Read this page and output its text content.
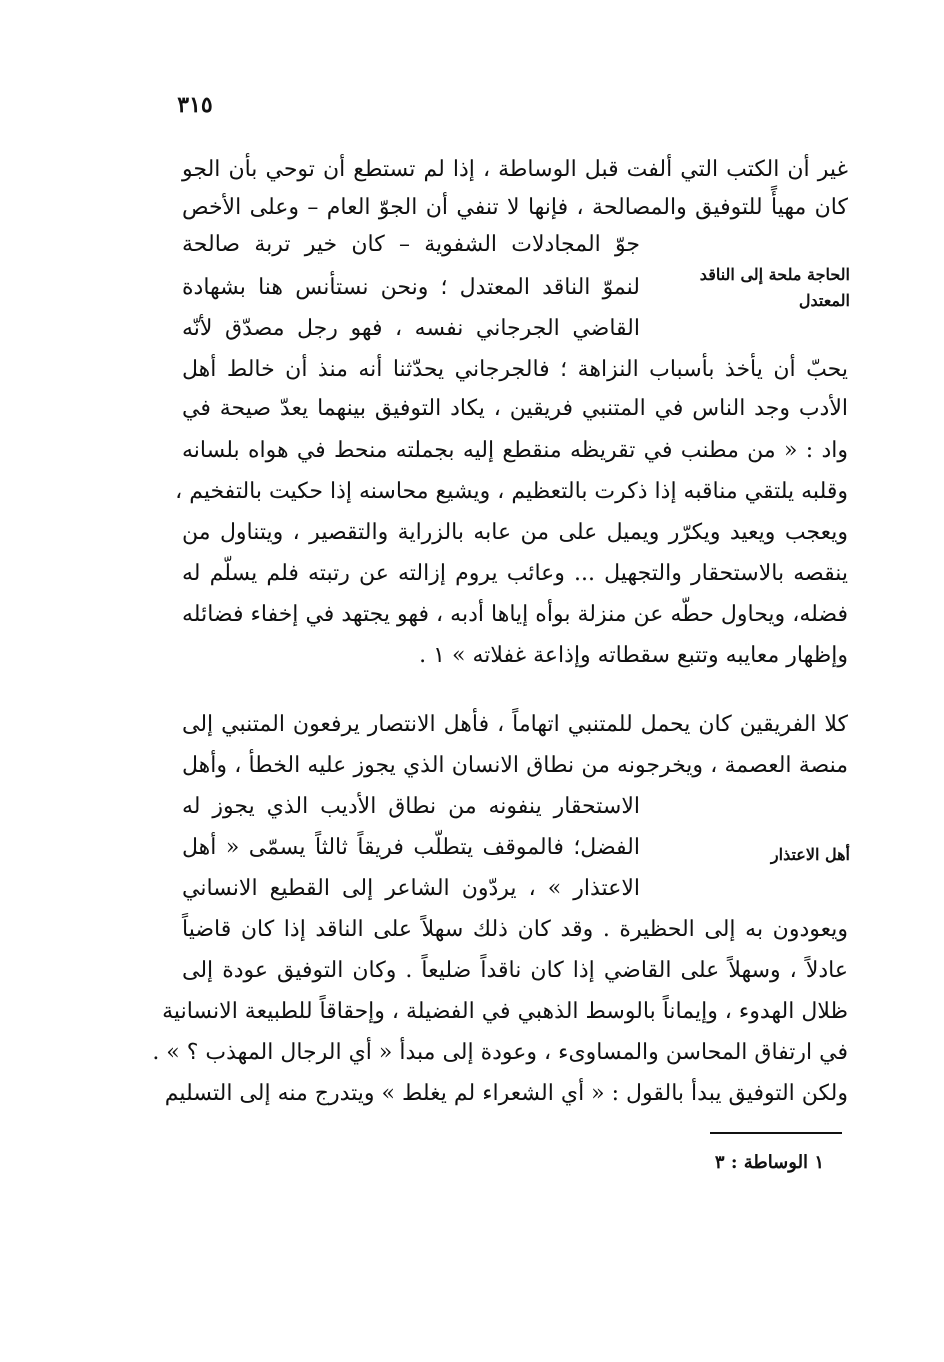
٣١٥
الحاجة ملحة إلى الناقد
المعتدل
أهل الاعتذار
غير أن الكتب التي ألفت قبل الوساطة ، إذا لم تستطع أن توحي بأن الجو
كان مهيأً للتوفيق والمصالحة ، فإنها لا تنفي أن الجوّ العام – وعلى الأخص
جوّ المجادلات الشفوية – كان خير تربة صالحة
لنموّ الناقد المعتدل ؛ ونحن نستأنس هنا بشهادة
القاضي الجرجاني نفسه ، فهو رجل مصدّق لأنّه
يحبّ أن يأخذ بأسباب النزاهة ؛ فالجرجاني يحدّثنا أنه منذ أن خالط أهل
الأدب وجد الناس في المتنبي فريقين ، يكاد التوفيق بينهما يعدّ صيحة في
واد : « من مطنب في تقريظه منقطع إليه بجملته منحط في هواه بلسانه
وقلبه يلتقي مناقبه إذا ذكرت بالتعظيم ، ويشيع محاسنه إذا حكيت بالتفخيم ،
ويعجب ويعيد ويكرّر ويميل على من عابه بالزراية والتقصير ، ويتناول من
ينقصه بالاستحقار والتجهيل ... وعائب يروم إزالته عن رتبته فلم يسلّم له
فضله، ويحاول حطّه عن منزلة بوأه إياها أدبه ، فهو يجتهد في إخفاء فضائله
وإظهار معايبه وتتبع سقطاته وإذاعة غفلاته » ١ .
كلا الفريقين كان يحمل للمتنبي اتهاماً ، فأهل الانتصار يرفعون المتنبي إلى
منصة العصمة ، ويخرجونه من نطاق الانسان الذي يجوز عليه الخطأ ، وأهل
الاستحقار ينفونه من نطاق الأديب الذي يجوز له
الفضل؛ فالموقف يتطلّب فريقاً ثالثاً يسمّى « أهل
الاعتذار » ، يردّون الشاعر إلى القطيع الانساني
ويعودون به إلى الحظيرة . وقد كان ذلك سهلاً على الناقد إذا كان قاضياً
عادلاً ، وسهلاً على القاضي إذا كان ناقداً ضليعاً . وكان التوفيق عودة إلى
ظلال الهدوء ، وإيماناً بالوسط الذهبي في الفضيلة ، وإحقاقاً للطبيعة الانسانية
في ارتفاق المحاسن والمساوىء ، وعودة إلى مبدأ « أي الرجال المهذب ؟ » .
ولكن التوفيق يبدأ بالقول : « أي الشعراء لم يغلط » ويتدرج منه إلى التسليم
١ الوساطة : ٣
